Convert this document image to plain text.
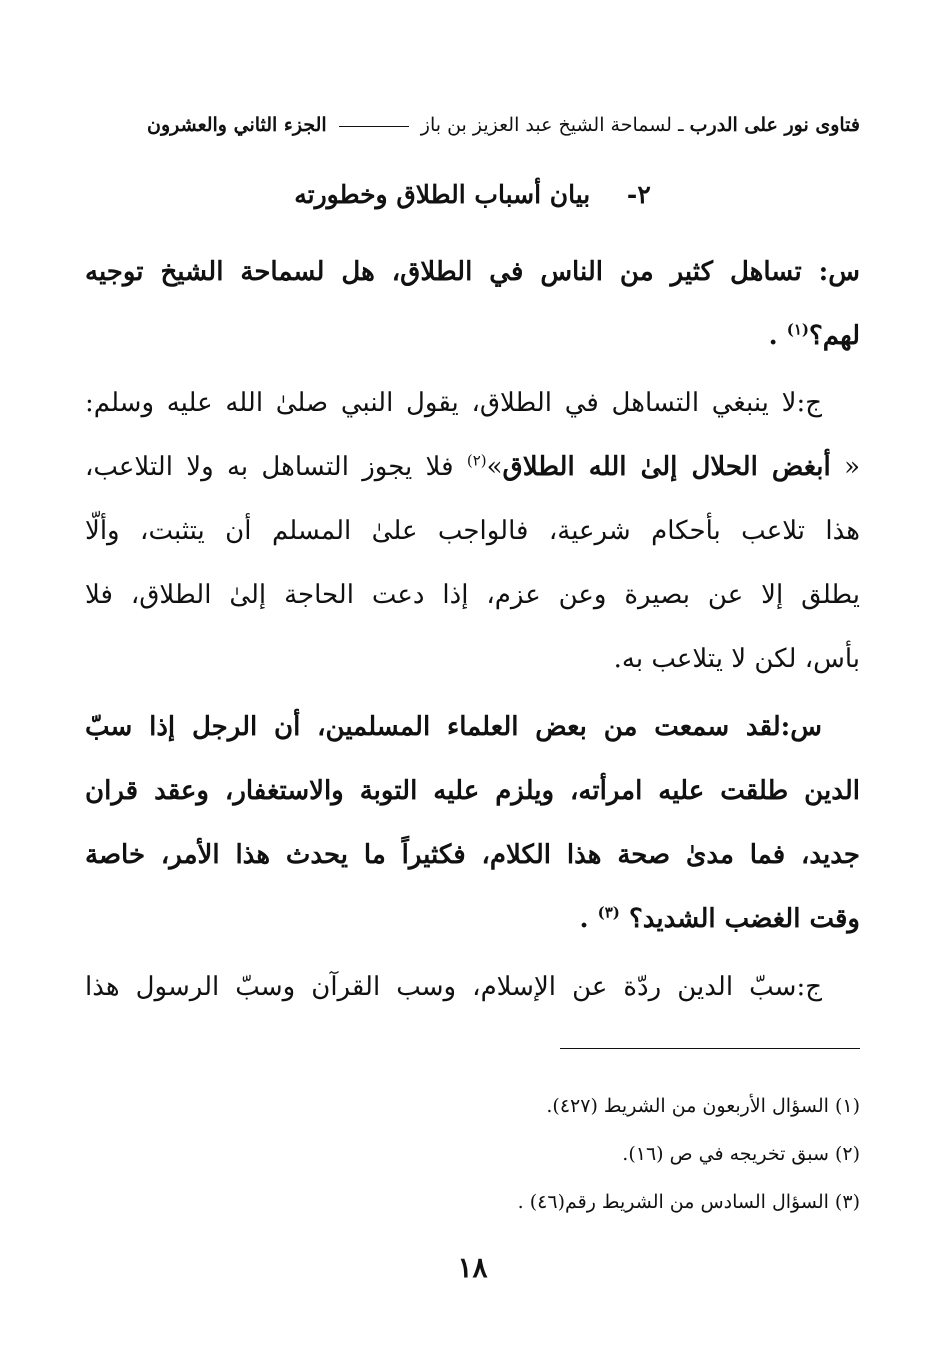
فتاوى نور على الدرب ـ لسماحة الشيخ عبد العزيز بن باز  الجزء الثاني والعشرون
٢- بيان أسباب الطلاق وخطورته
س: تساهل كثير من الناس في الطلاق، هل لسماحة الشيخ توجيه
لهم؟$^{(١)}$ .
ج:لا ينبغي التساهل في الطلاق، يقول النبي صلىٰ الله عليه وسلم:
« أبغض الحلال إلىٰ الله الطلاق»$^{(٢)}$ فلا يجوز التساهل به ولا التلاعب،
هذا تلاعب بأحكام شرعية، فالواجب علىٰ المسلم أن يتثبت، وألّا
يطلق إلا عن بصيرة وعن عزم، إذا دعت الحاجة إلىٰ الطلاق، فلا
بأس، لكن لا يتلاعب به.
س:لقد سمعت من بعض العلماء المسلمين، أن الرجل إذا سبّ
الدين طلقت عليه امرأته، ويلزم عليه التوبة والاستغفار، وعقد قران
جديد، فما مدىٰ صحة هذا الكلام، فكثيراً ما يحدث هذا الأمر، خاصة
وقت الغضب الشديد؟ $^{(٣)}$ .
ج:سبّ الدين ردّة عن الإسلام، وسب القرآن وسبّ الرسول هذا
(١) السؤال الأربعون من الشريط (٤٢٧).
(٢) سبق تخريجه في ص (١٦).
(٣) السؤال السادس من الشريط رقم(٤٦) .
١٨
